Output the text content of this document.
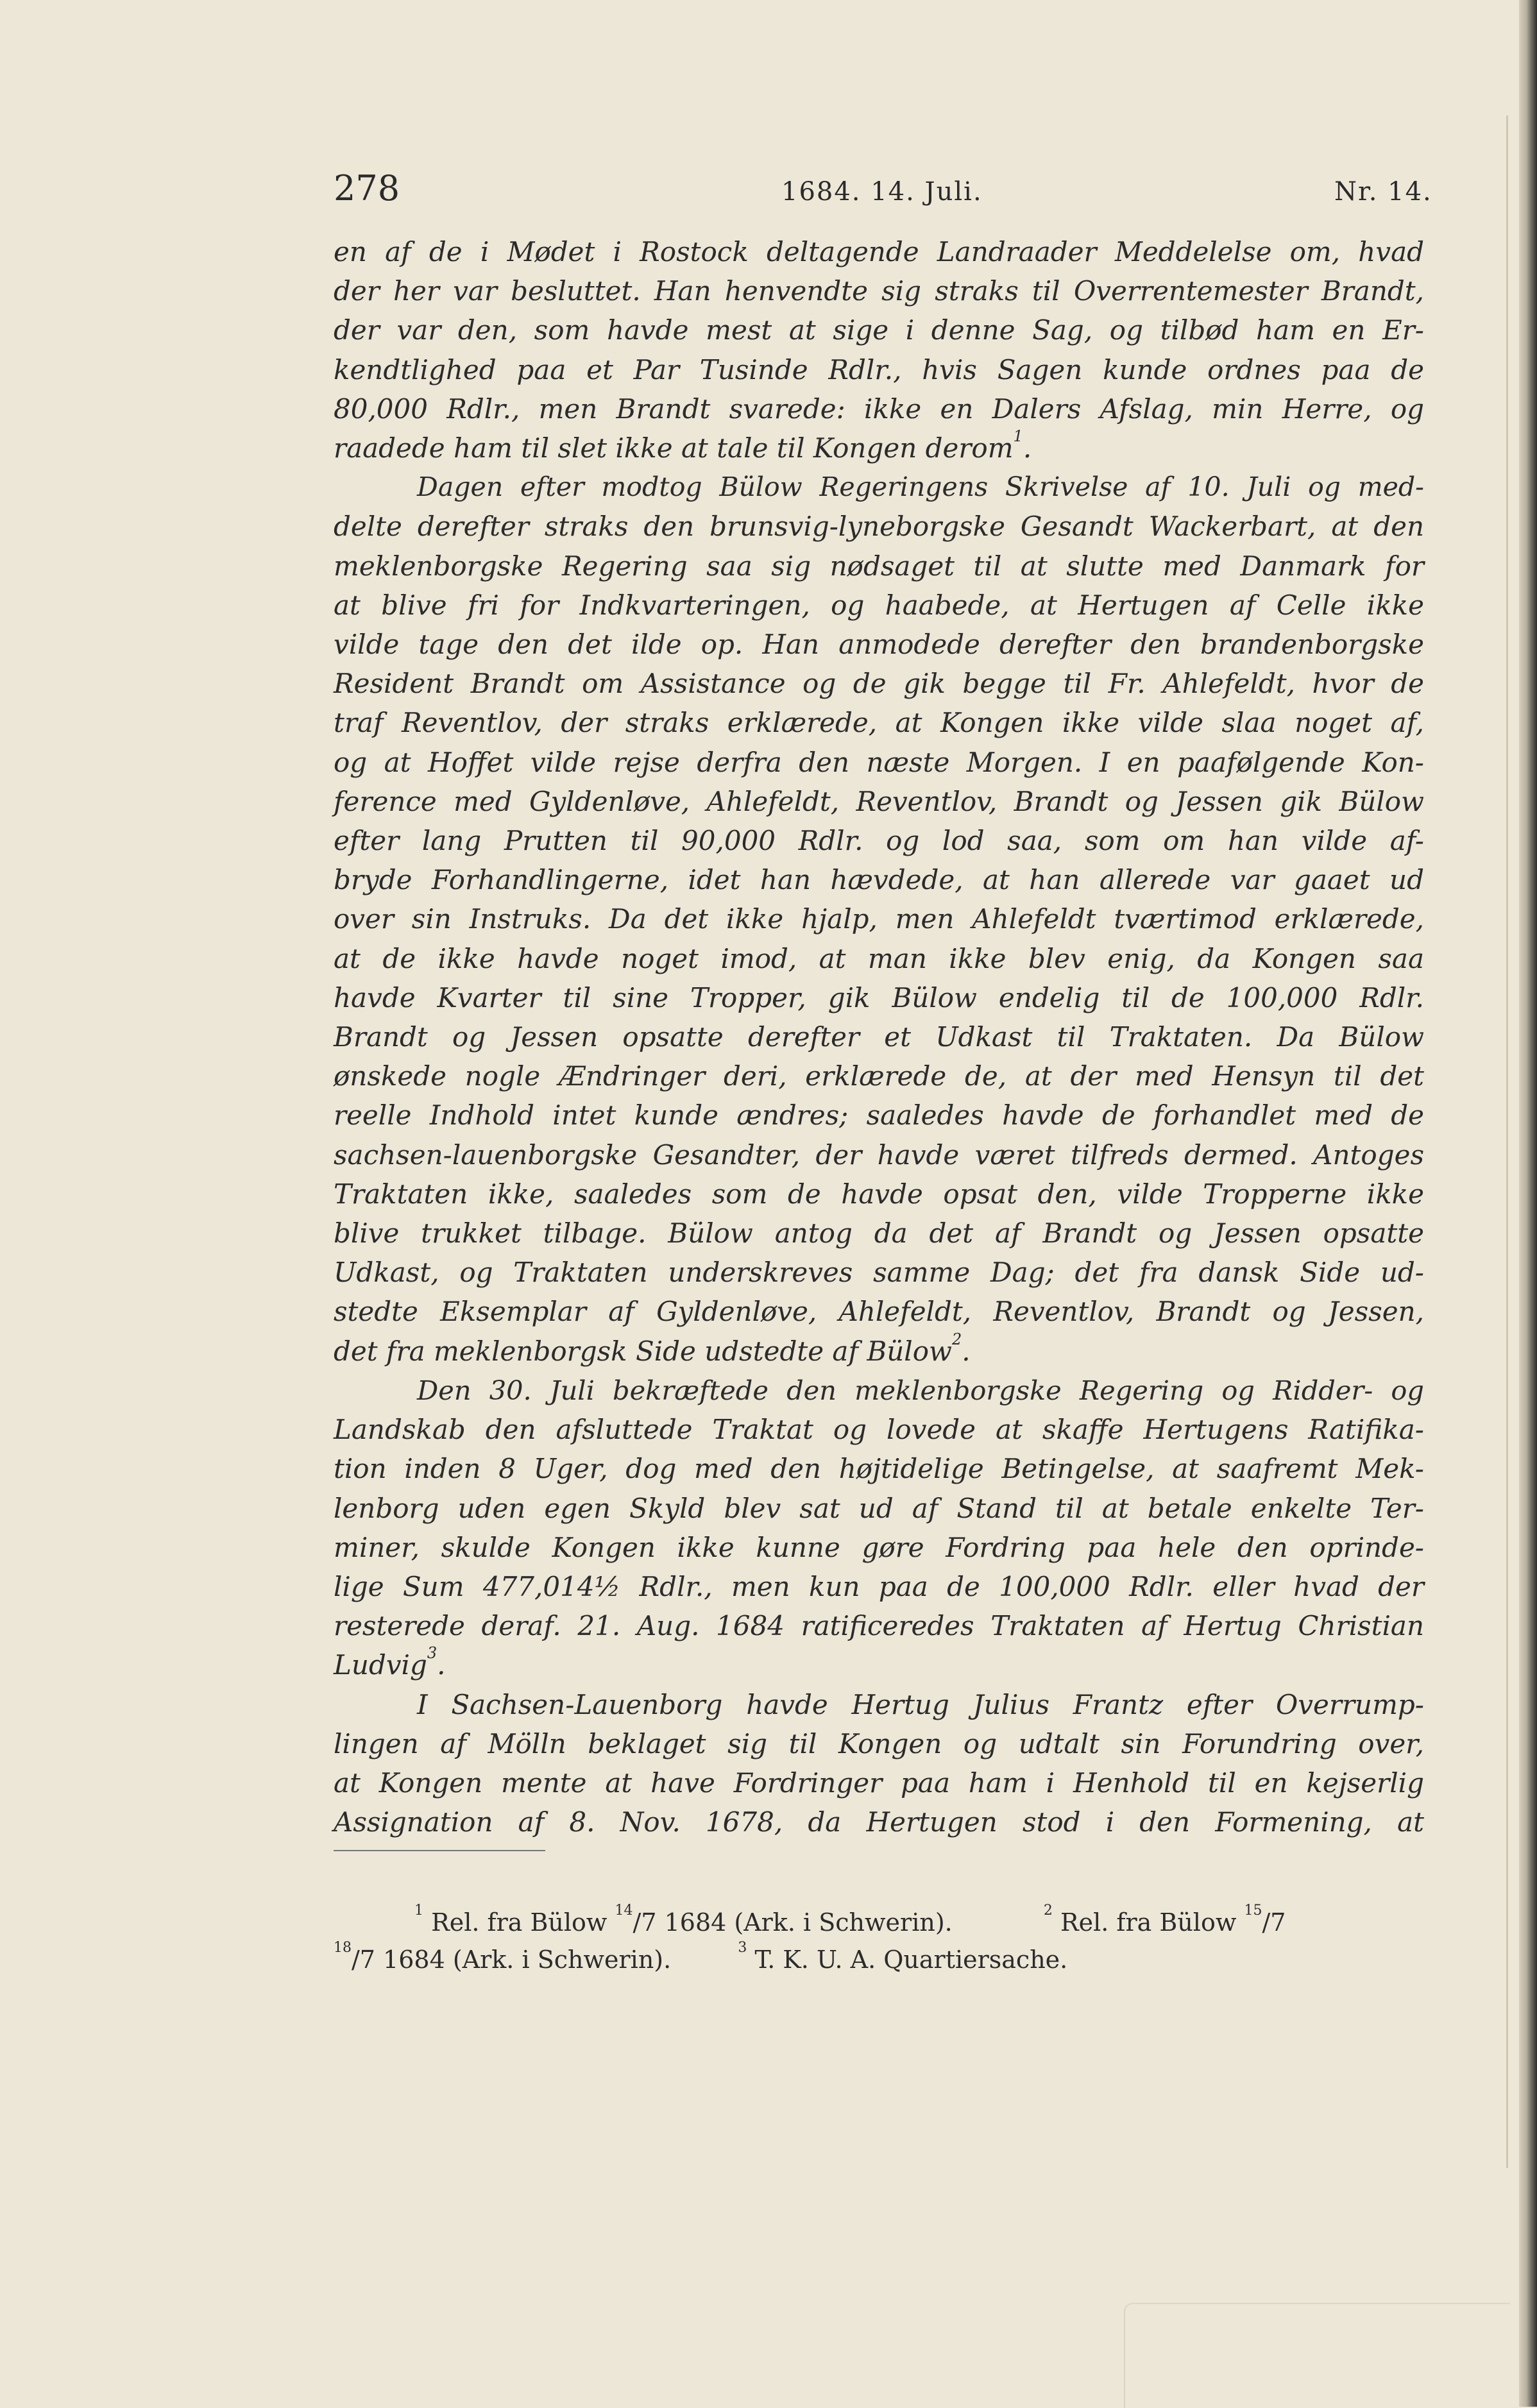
278	1684. 14. Juli.	Nr. 14.
en af de i Mødet i Rostock deltagende Landraader Meddelelse om, hvad
der her var besluttet. Han henvendte sig straks til Overrentemester Brandt,
der var den, som havde mest at sige i denne Sag, og tilbød ham en Er-
kendtlighed paa et Par Tusinde Rdlr., hvis Sagen kunde ordnes paa de
80,000 Rdlr., men Brandt svarede: ikke en Dalers Afslag, min Herre, og
raadede ham til slet ikke at tale til Kongen derom$^1$.
Dagen efter modtog Bülow Regeringens Skrivelse af 10. Juli og med-
delte derefter straks den brunsvig-lyneborgske Gesandt Wackerbart, at den
meklenborgske Regering saa sig nødsaget til at slutte med Danmark for
at blive fri for Indkvarteringen, og haabede, at Hertugen af Celle ikke
vilde tage den det ilde op. Han anmodede derefter den brandenborgske
Resident Brandt om Assistance og de gik begge til Fr. Ahlefeldt, hvor de
traf Reventlov, der straks erklærede, at Kongen ikke vilde slaa noget af,
og at Hoffet vilde rejse derfra den næste Morgen. I en paafølgende Kon-
ference med Gyldenløve, Ahlefeldt, Reventlov, Brandt og Jessen gik Bülow
efter lang Prutten til 90,000 Rdlr. og lod saa, som om han vilde af-
bryde Forhandlingerne, idet han hævdede, at han allerede var gaaet ud
over sin Instruks. Da det ikke hjalp, men Ahlefeldt tværtimod erklærede,
at de ikke havde noget imod, at man ikke blev enig, da Kongen saa
havde Kvarter til sine Tropper, gik Bülow endelig til de 100,000 Rdlr.
Brandt og Jessen opsatte derefter et Udkast til Traktaten. Da Bülow
ønskede nogle Ændringer deri, erklærede de, at der med Hensyn til det
reelle Indhold intet kunde ændres; saaledes havde de forhandlet med de
sachsen-lauenborgske Gesandter, der havde været tilfreds dermed. Antoges
Traktaten ikke, saaledes som de havde opsat den, vilde Tropperne ikke
blive trukket tilbage. Bülow antog da det af Brandt og Jessen opsatte
Udkast, og Traktaten underskreves samme Dag; det fra dansk Side ud-
stedte Eksemplar af Gyldenløve, Ahlefeldt, Reventlov, Brandt og Jessen,
det fra meklenborgsk Side udstedte af Bülow$^2$.
Den 30. Juli bekræftede den meklenborgske Regering og Ridder- og
Landskab den afsluttede Traktat og lovede at skaffe Hertugens Ratifika-
tion inden 8 Uger, dog med den højtidelige Betingelse, at saafremt Mek-
lenborg uden egen Skyld blev sat ud af Stand til at betale enkelte Ter-
miner, skulde Kongen ikke kunne gøre Fordring paa hele den oprinde-
lige Sum 477,014½ Rdlr., men kun paa de 100,000 Rdlr. eller hvad der
resterede deraf. 21. Aug. 1684 ratificeredes Traktaten af Hertug Christian
Ludvig$^3$.
I Sachsen-Lauenborg havde Hertug Julius Frantz efter Overrump-
lingen af Mölln beklaget sig til Kongen og udtalt sin Forundring over,
at Kongen mente at have Fordringer paa ham i Henhold til en kejserlig
Assignation af 8. Nov. 1678, da Hertugen stod i den Formening, at
$^1$ Rel. fra Bülow $^{14}$/7 1684 (Ark. i Schwerin).	$^2$ Rel. fra Bülow $^{15}$/7
$^{18}$/7 1684 (Ark. i Schwerin).	$^3$ T. K. U. A. Quartiersache.
